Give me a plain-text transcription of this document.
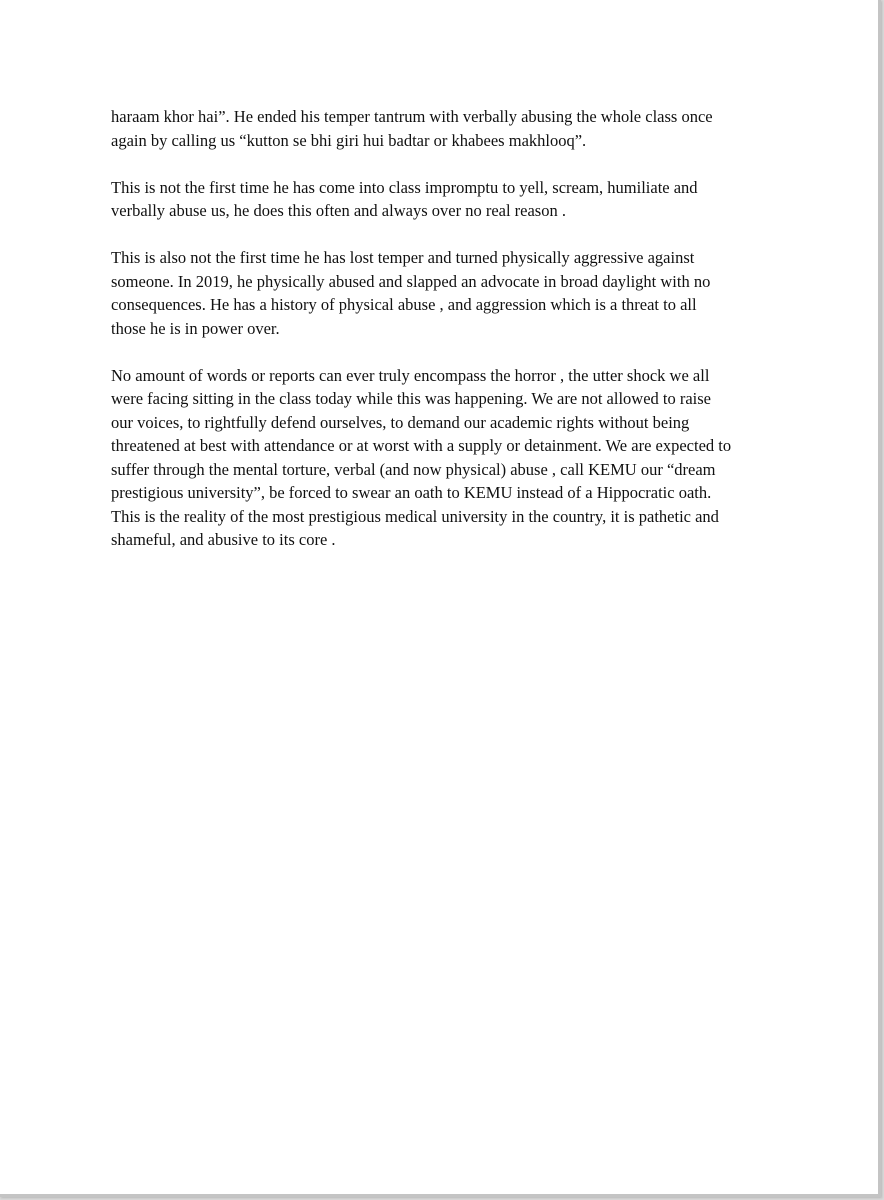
haraam khor hai”. He ended his temper tantrum with verbally abusing the whole class once
again by calling us “kutton se bhi giri hui badtar or khabees makhlooq”.

This is not the first time he has come into class impromptu to yell, scream, humiliate and
verbally abuse us, he does this often and always over no real reason .

This is also not the first time he has lost temper and turned physically aggressive against
someone. In 2019, he physically abused and slapped an advocate in broad daylight with no
consequences. He has a history of physical abuse , and aggression which is a threat to all
those he is in power over.

No amount of words or reports can ever truly encompass the horror , the utter shock we all
were facing sitting in the class today while this was happening. We are not allowed to raise
our voices, to rightfully defend ourselves, to demand our academic rights without being
threatened at best with attendance or at worst with a supply or detainment. We are expected to
suffer through the mental torture, verbal (and now physical) abuse , call KEMU our “dream
prestigious university”, be forced to swear an oath to KEMU instead of a Hippocratic oath.
This is the reality of the most prestigious medical university in the country, it is pathetic and
shameful, and abusive to its core .
